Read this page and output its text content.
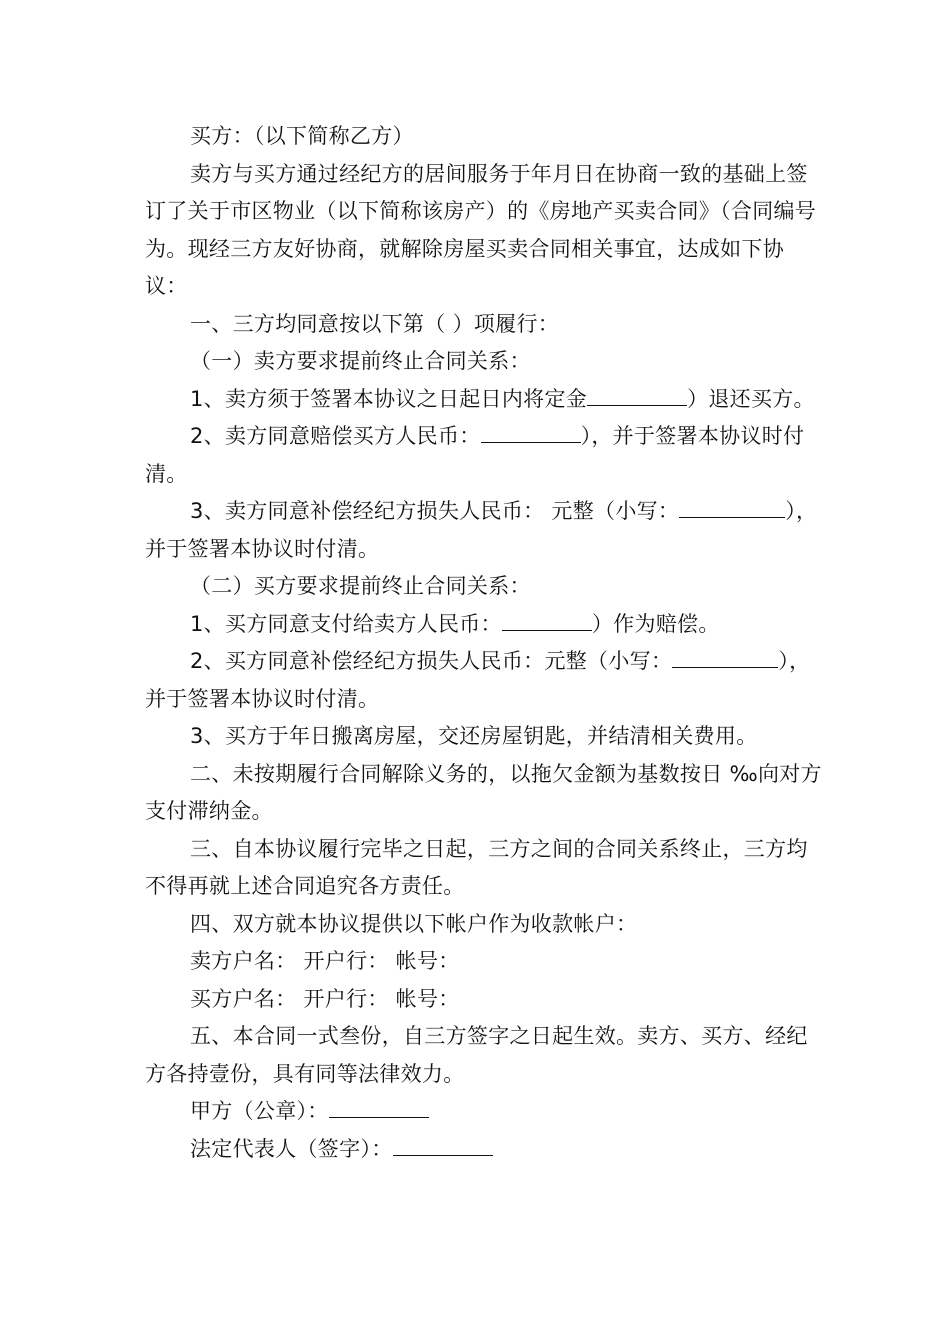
买方：（以下简称乙方）

卖方与买方通过经纪方的居间服务于年月日在协商一致的基础上签订了关于市区物业（以下简称该房产）的《房地产买卖合同》（合同编号为。现经三方友好协商，就解除房屋买卖合同相关事宜，达成如下协议：

一、三方均同意按以下第（ ）项履行：

（一）卖方要求提前终止合同关系：

1、卖方须于签署本协议之日起日内将定金	）退还买方。

2、卖方同意赔偿买方人民币：	），并于签署本协议时付清。

3、卖方同意补偿经纪方损失人民币： 元整（小写：	），并于签署本协议时付清。

（二）买方要求提前终止合同关系：

1、买方同意支付给卖方人民币：	）作为赔偿。

2、买方同意补偿经纪方损失人民币：元整（小写：	），并于签署本协议时付清。

3、买方于年日搬离房屋，交还房屋钥匙，并结清相关费用。

二、未按期履行合同解除义务的，以拖欠金额为基数按日 ‰向对方支付滞纳金。

三、自本协议履行完毕之日起，三方之间的合同关系终止，三方均不得再就上述合同追究各方责任。

四、双方就本协议提供以下帐户作为收款帐户：

卖方户名： 开户行： 帐号：

买方户名： 开户行： 帐号：

五、本合同一式叁份，自三方签字之日起生效。卖方、买方、经纪方各持壹份，具有同等法律效力。

甲方（公章）：

法定代表人（签字）：
